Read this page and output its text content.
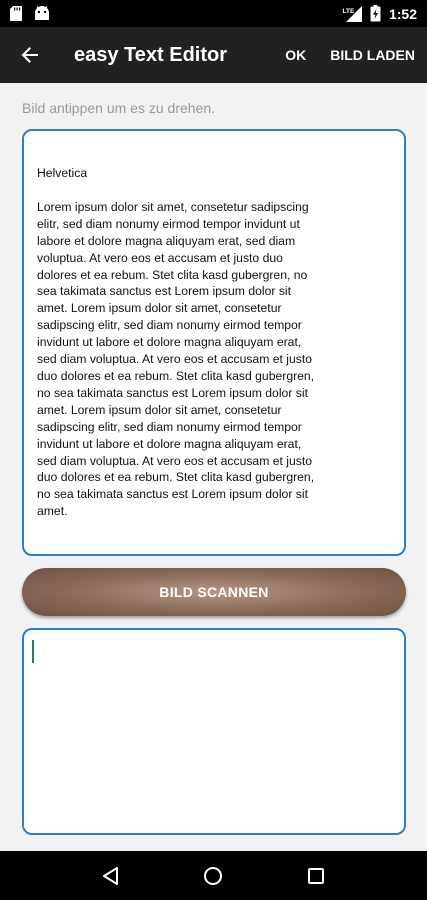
LTE 1:52
easy Text Editor	OK	BILD LADEN
Bild antippen um es zu drehen.
Helvetica
Lorem ipsum dolor sit amet, consetetur sadipscing
elitr, sed diam nonumy eirmod tempor invidunt ut
labore et dolore magna aliquyam erat, sed diam
voluptua. At vero eos et accusam et justo duo
dolores et ea rebum. Stet clita kasd gubergren, no
sea takimata sanctus est Lorem ipsum dolor sit
amet. Lorem ipsum dolor sit amet, consetetur
sadipscing elitr, sed diam nonumy eirmod tempor
invidunt ut labore et dolore magna aliquyam erat,
sed diam voluptua. At vero eos et accusam et justo
duo dolores et ea rebum. Stet clita kasd gubergren,
no sea takimata sanctus est Lorem ipsum dolor sit
amet. Lorem ipsum dolor sit amet, consetetur
sadipscing elitr, sed diam nonumy eirmod tempor
invidunt ut labore et dolore magna aliquyam erat,
sed diam voluptua. At vero eos et accusam et justo
duo dolores et ea rebum. Stet clita kasd gubergren,
no sea takimata sanctus est Lorem ipsum dolor sit
amet.
BILD SCANNEN
